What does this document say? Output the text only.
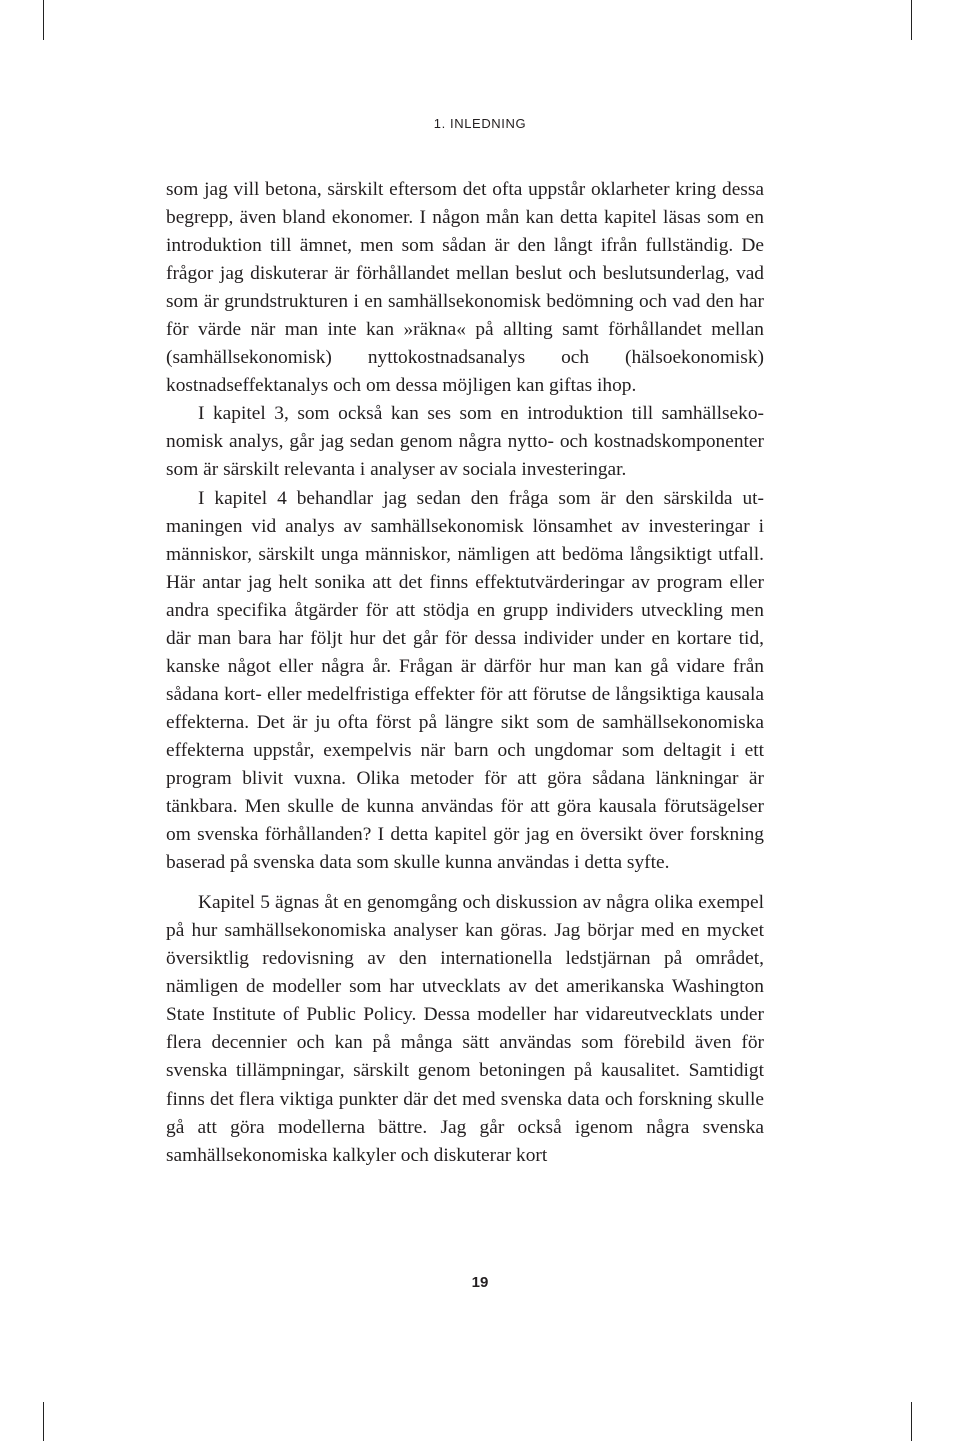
1. INLEDNING

som jag vill betona, särskilt eftersom det ofta uppstår oklarheter kring dessa begrepp, även bland ekonomer. I någon mån kan detta kapitel läsas som en introduktion till ämnet, men som sådan är den långt ifrån fullständig. De frågor jag diskuterar är förhållandet mellan beslut och beslutsunderlag, vad som är grundstrukturen i en samhällsekonomisk bedömning och vad den har för värde när man inte kan »räkna« på allting samt förhållandet mellan (samhällsekonomisk) nyttokostnadsanalys och (hälsoekonomisk) kostnadseffektanalys och om dessa möjligen kan giftas ihop.

I kapitel 3, som också kan ses som en introduktion till samhällsekonomisk analys, går jag sedan genom några nytto- och kostnadskomponenter som är särskilt relevanta i analyser av sociala investeringar.

I kapitel 4 behandlar jag sedan den fråga som är den särskilda utmaningen vid analys av samhällsekonomisk lönsamhet av investeringar i människor, särskilt unga människor, nämligen att bedöma långsiktigt utfall. Här antar jag helt sonika att det finns effektutvärderingar av program eller andra specifika åtgärder för att stödja en grupp individers utveckling men där man bara har följt hur det går för dessa individer under en kortare tid, kanske något eller några år. Frågan är därför hur man kan gå vidare från sådana kort- eller medelfristiga effekter för att förutse de långsiktiga kausala effekterna. Det är ju ofta först på längre sikt som de samhällsekonomiska effekterna uppstår, exempelvis när barn och ungdomar som deltagit i ett program blivit vuxna. Olika metoder för att göra sådana länkningar är tänkbara. Men skulle de kunna användas för att göra kausala förutsägelser om svenska förhållanden? I detta kapitel gör jag en översikt över forskning baserad på svenska data som skulle kunna användas i detta syfte.

Kapitel 5 ägnas åt en genomgång och diskussion av några olika exempel på hur samhällsekonomiska analyser kan göras. Jag börjar med en mycket översiktlig redovisning av den internationella ledstjärnan på området, nämligen de modeller som har utvecklats av det amerikanska Washington State Institute of Public Policy. Dessa modeller har vidareutvecklats under flera decennier och kan på många sätt användas som förebild även för svenska tillämpningar, särskilt genom betoningen på kausalitet. Samtidigt finns det flera viktiga punkter där det med svenska data och forskning skulle gå att göra modellerna bättre. Jag går också igenom några svenska samhällsekonomiska kalkyler och diskuterar kort

19
